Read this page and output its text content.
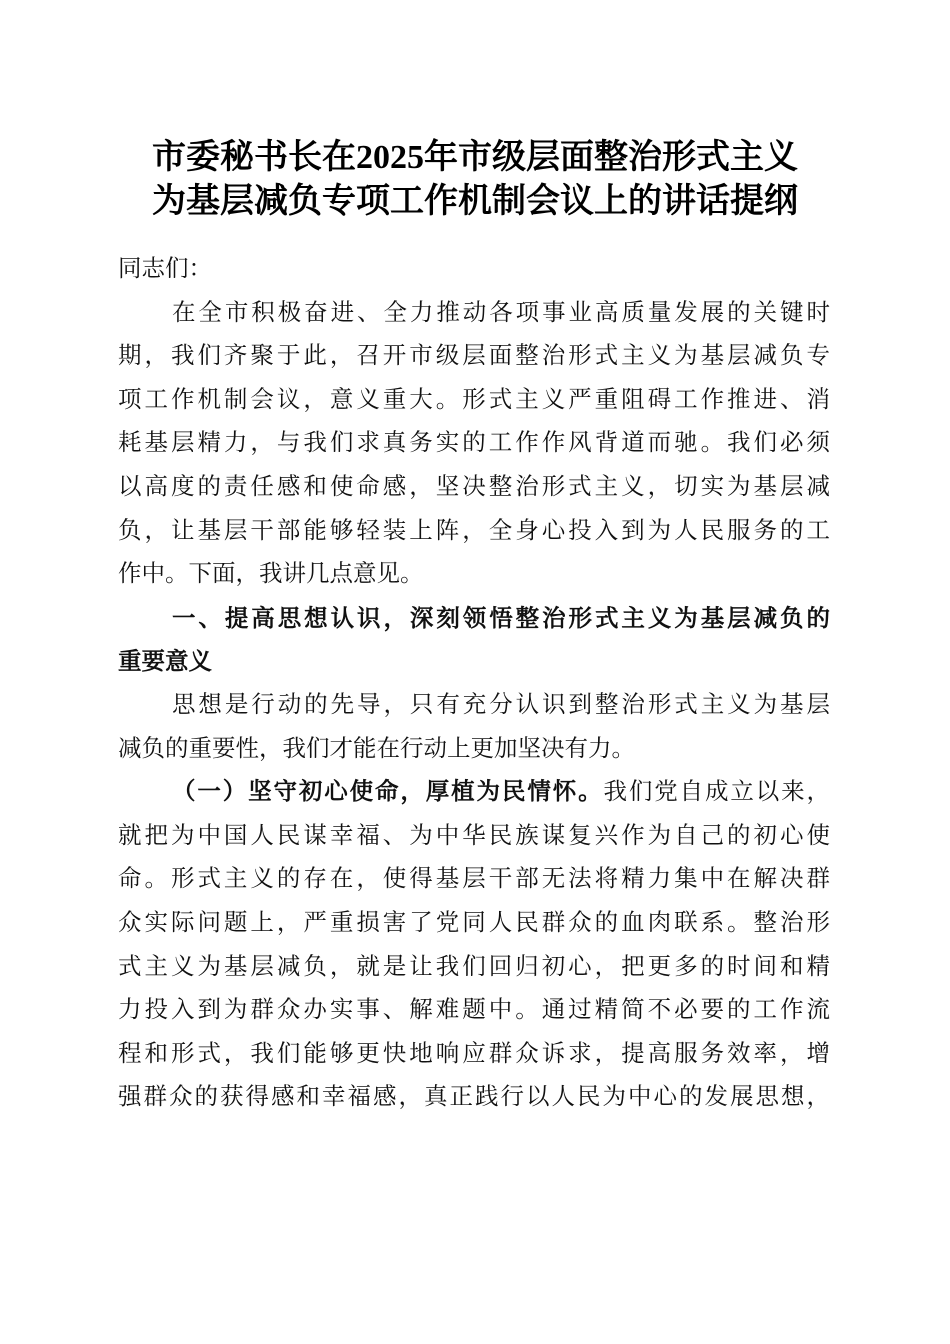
市委秘书长在2025年市级层面整治形式主义
为基层减负专项工作机制会议上的讲话提纲
同志们：
在全市积极奋进、全力推动各项事业高质量发展的关键时
期，我们齐聚于此，召开市级层面整治形式主义为基层减负专
项工作机制会议，意义重大。形式主义严重阻碍工作推进、消
耗基层精力，与我们求真务实的工作作风背道而驰。我们必须
以高度的责任感和使命感，坚决整治形式主义，切实为基层减
负，让基层干部能够轻装上阵，全身心投入到为人民服务的工
作中。下面，我讲几点意见。
一、提高思想认识，深刻领悟整治形式主义为基层减负的
重要意义
思想是行动的先导，只有充分认识到整治形式主义为基层
减负的重要性，我们才能在行动上更加坚决有力。
（一）坚守初心使命，厚植为民情怀。我们党自成立以来，
就把为中国人民谋幸福、为中华民族谋复兴作为自己的初心使
命。形式主义的存在，使得基层干部无法将精力集中在解决群
众实际问题上，严重损害了党同人民群众的血肉联系。整治形
式主义为基层减负，就是让我们回归初心，把更多的时间和精
力投入到为群众办实事、解难题中。通过精简不必要的工作流
程和形式，我们能够更快地响应群众诉求，提高服务效率，增
强群众的获得感和幸福感，真正践行以人民为中心的发展思想，
